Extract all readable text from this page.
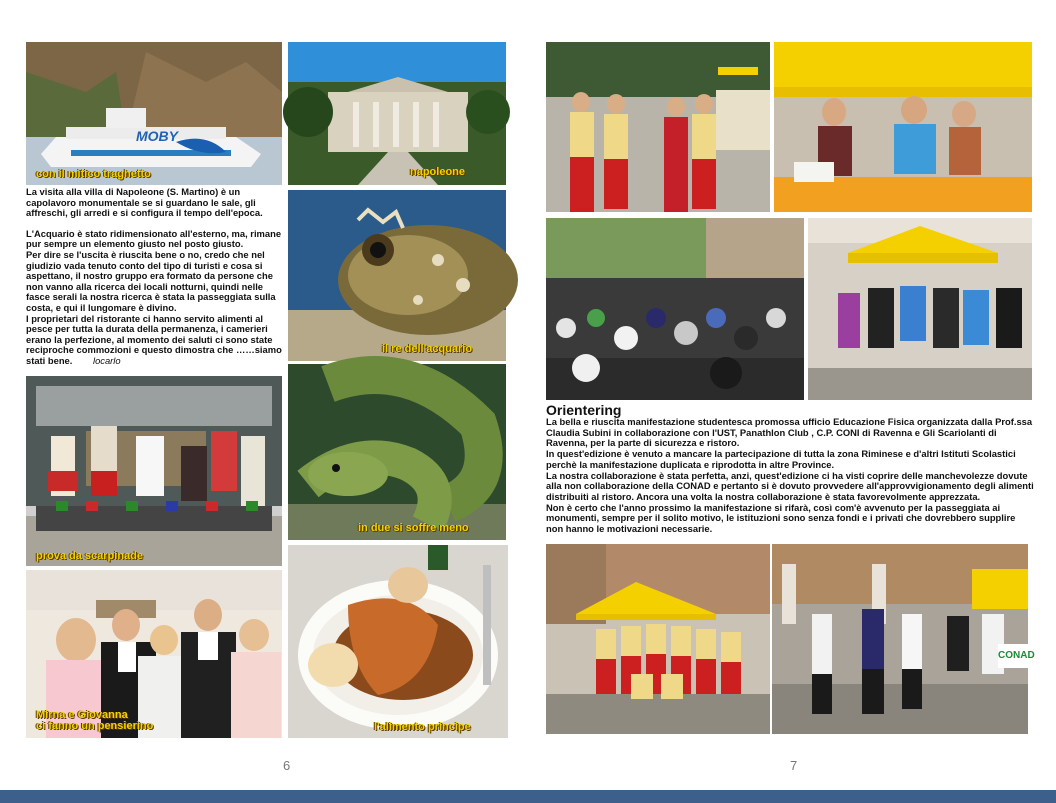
MOBY
con il mitico traghetto	napoleone

La visita alla villa di Napoleone (S. Martino) è un capolavoro monumentale se si guardano le sale, gli affreschi, gli arredi e si configura il tempo dell'epoca.

L'Acquario è stato ridimensionato all'esterno, ma, rimane pur sempre un elemento giusto nel posto giusto.

Per dire se l'uscita è riuscita bene o no, credo che nel giudizio vada tenuto conto del tipo di turisti e cosa si aspettano, il nostro gruppo era formato da persone che non vanno alla ricerca dei locali notturni, quindi nelle fasce serali la nostra ricerca è stata la passeggiata sulla costa, e qui il lungomare è divino.

I proprietari del ristorante ci hanno servito alimenti al pesce per tutta la durata della permanenza, i camerieri erano la perfezione, al momento dei saluti ci sono state reciproche commozioni e questo dimostra che ……siamo stati bene. locarlo

il re dell'acquario
prova da scarpinade
in due si soffre meno
Mirna e Giovanna
ci fanno un pensierino	l'alimento principe
6
Orientering

La bella e riuscita manifestazione studentesca promossa ufficio Educazione Fisica organizzata dalla Prof.ssa Claudia Subini in collaborazione con l'UST, Panathlon Club , C.P. CONI di Ravenna e Gli Scariolanti di Ravenna, per la parte di sicurezza e ristoro.

In quest'edizione è venuto a mancare la partecipazione di tutta la zona Riminese e d'altri Istituti Scolastici perchè la manifestazione duplicata e riprodotta in altre Province.

La nostra collaborazione è stata perfetta, anzi, quest'edizione ci ha visti coprire delle manchevolezze dovute alla non collaborazione della CONAD e pertanto si è dovuto provvedere all'approvvigionamento degli alimenti distribuiti al ristoro. Ancora una volta la nostra collaborazione è stata favorevolmente apprezzata.

Non è certo che l'anno prossimo la manifestazione si rifarà, così com'è avvenuto per la passeggiata ai monumenti, sempre per il solito motivo, le istituzioni sono senza fondi e i privati che dovrebbero supplire non hanno le motivazioni necessarie.

CONAD
7
